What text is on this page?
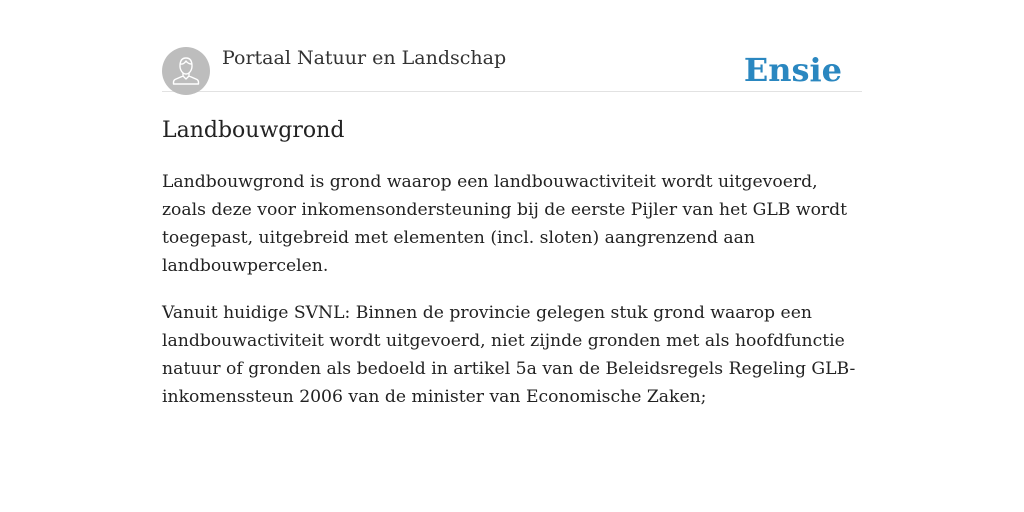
Portaal Natuur en Landschap	Ensie
Landbouwgrond

Landbouwgrond is grond waarop een landbouwactiviteit wordt uitgevoerd, zoals deze voor inkomensondersteuning bij de eerste Pijler van het GLB wordt toegepast, uitgebreid met elementen (incl. sloten) aangrenzend aan landbouwpercelen.

Vanuit huidige SVNL: Binnen de provincie gelegen stuk grond waarop een landbouwactiviteit wordt uitgevoerd, niet zijnde gronden met als hoofdfunctie natuur of gronden als bedoeld in artikel 5a van de Beleidsregels Regeling GLB-inkomenssteun 2006 van de minister van Economische Zaken;
